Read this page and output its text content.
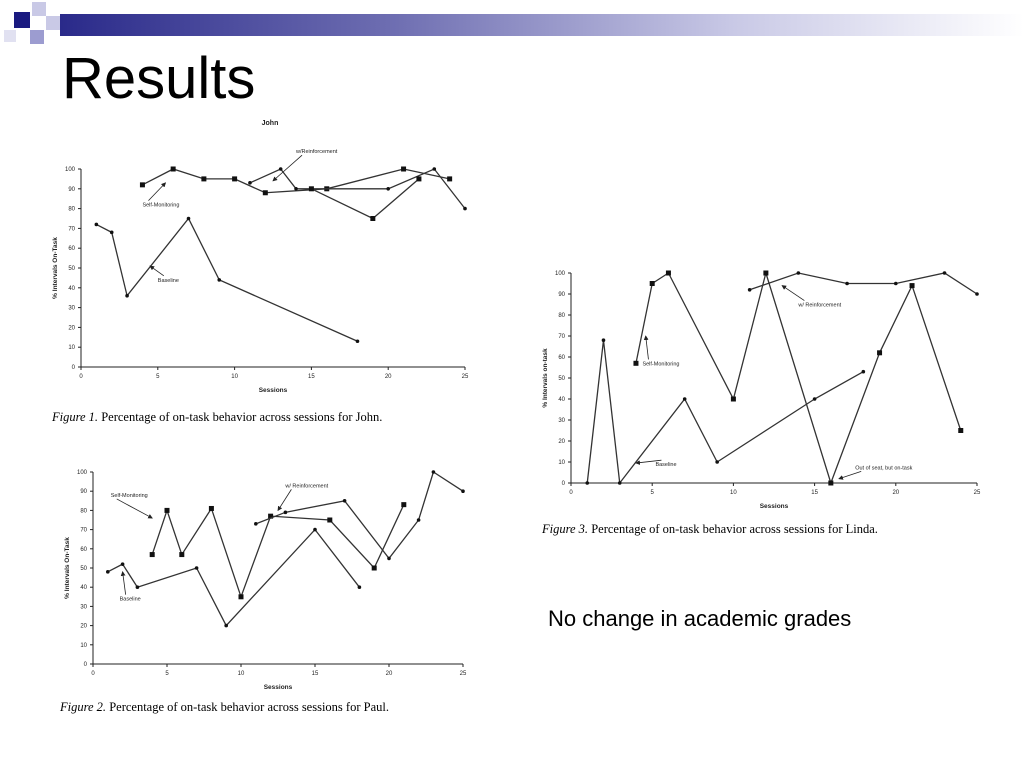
Results
0
10
20
30
40
50
60
70
80
90
100
0	5	10	15	20	25
Sessions
% Intervals On-Task
John
w/Reinforcement
Self-Monitoring
Baseline
Figure 1. Percentage of on-task behavior across sessions for John.
0
10
20
30
40
50
60
70
80
90
100
0	5	10	15	20	25
Sessions
% Intervals On-Task
w/ Reinforcement
Self-Monitoring
Baseline
Figure 2. Percentage of on-task behavior across sessions for Paul.
0
10
20
30
40
50
60
70
80
90
100
0	5	10	15	20	25
Sessions
% Intervals on-task
w/ Reinforcement
Self-Monitoring
Baseline
Out of seat, but on-task
Figure 3. Percentage of on-task behavior across sessions for Linda.
No change in academic grades
